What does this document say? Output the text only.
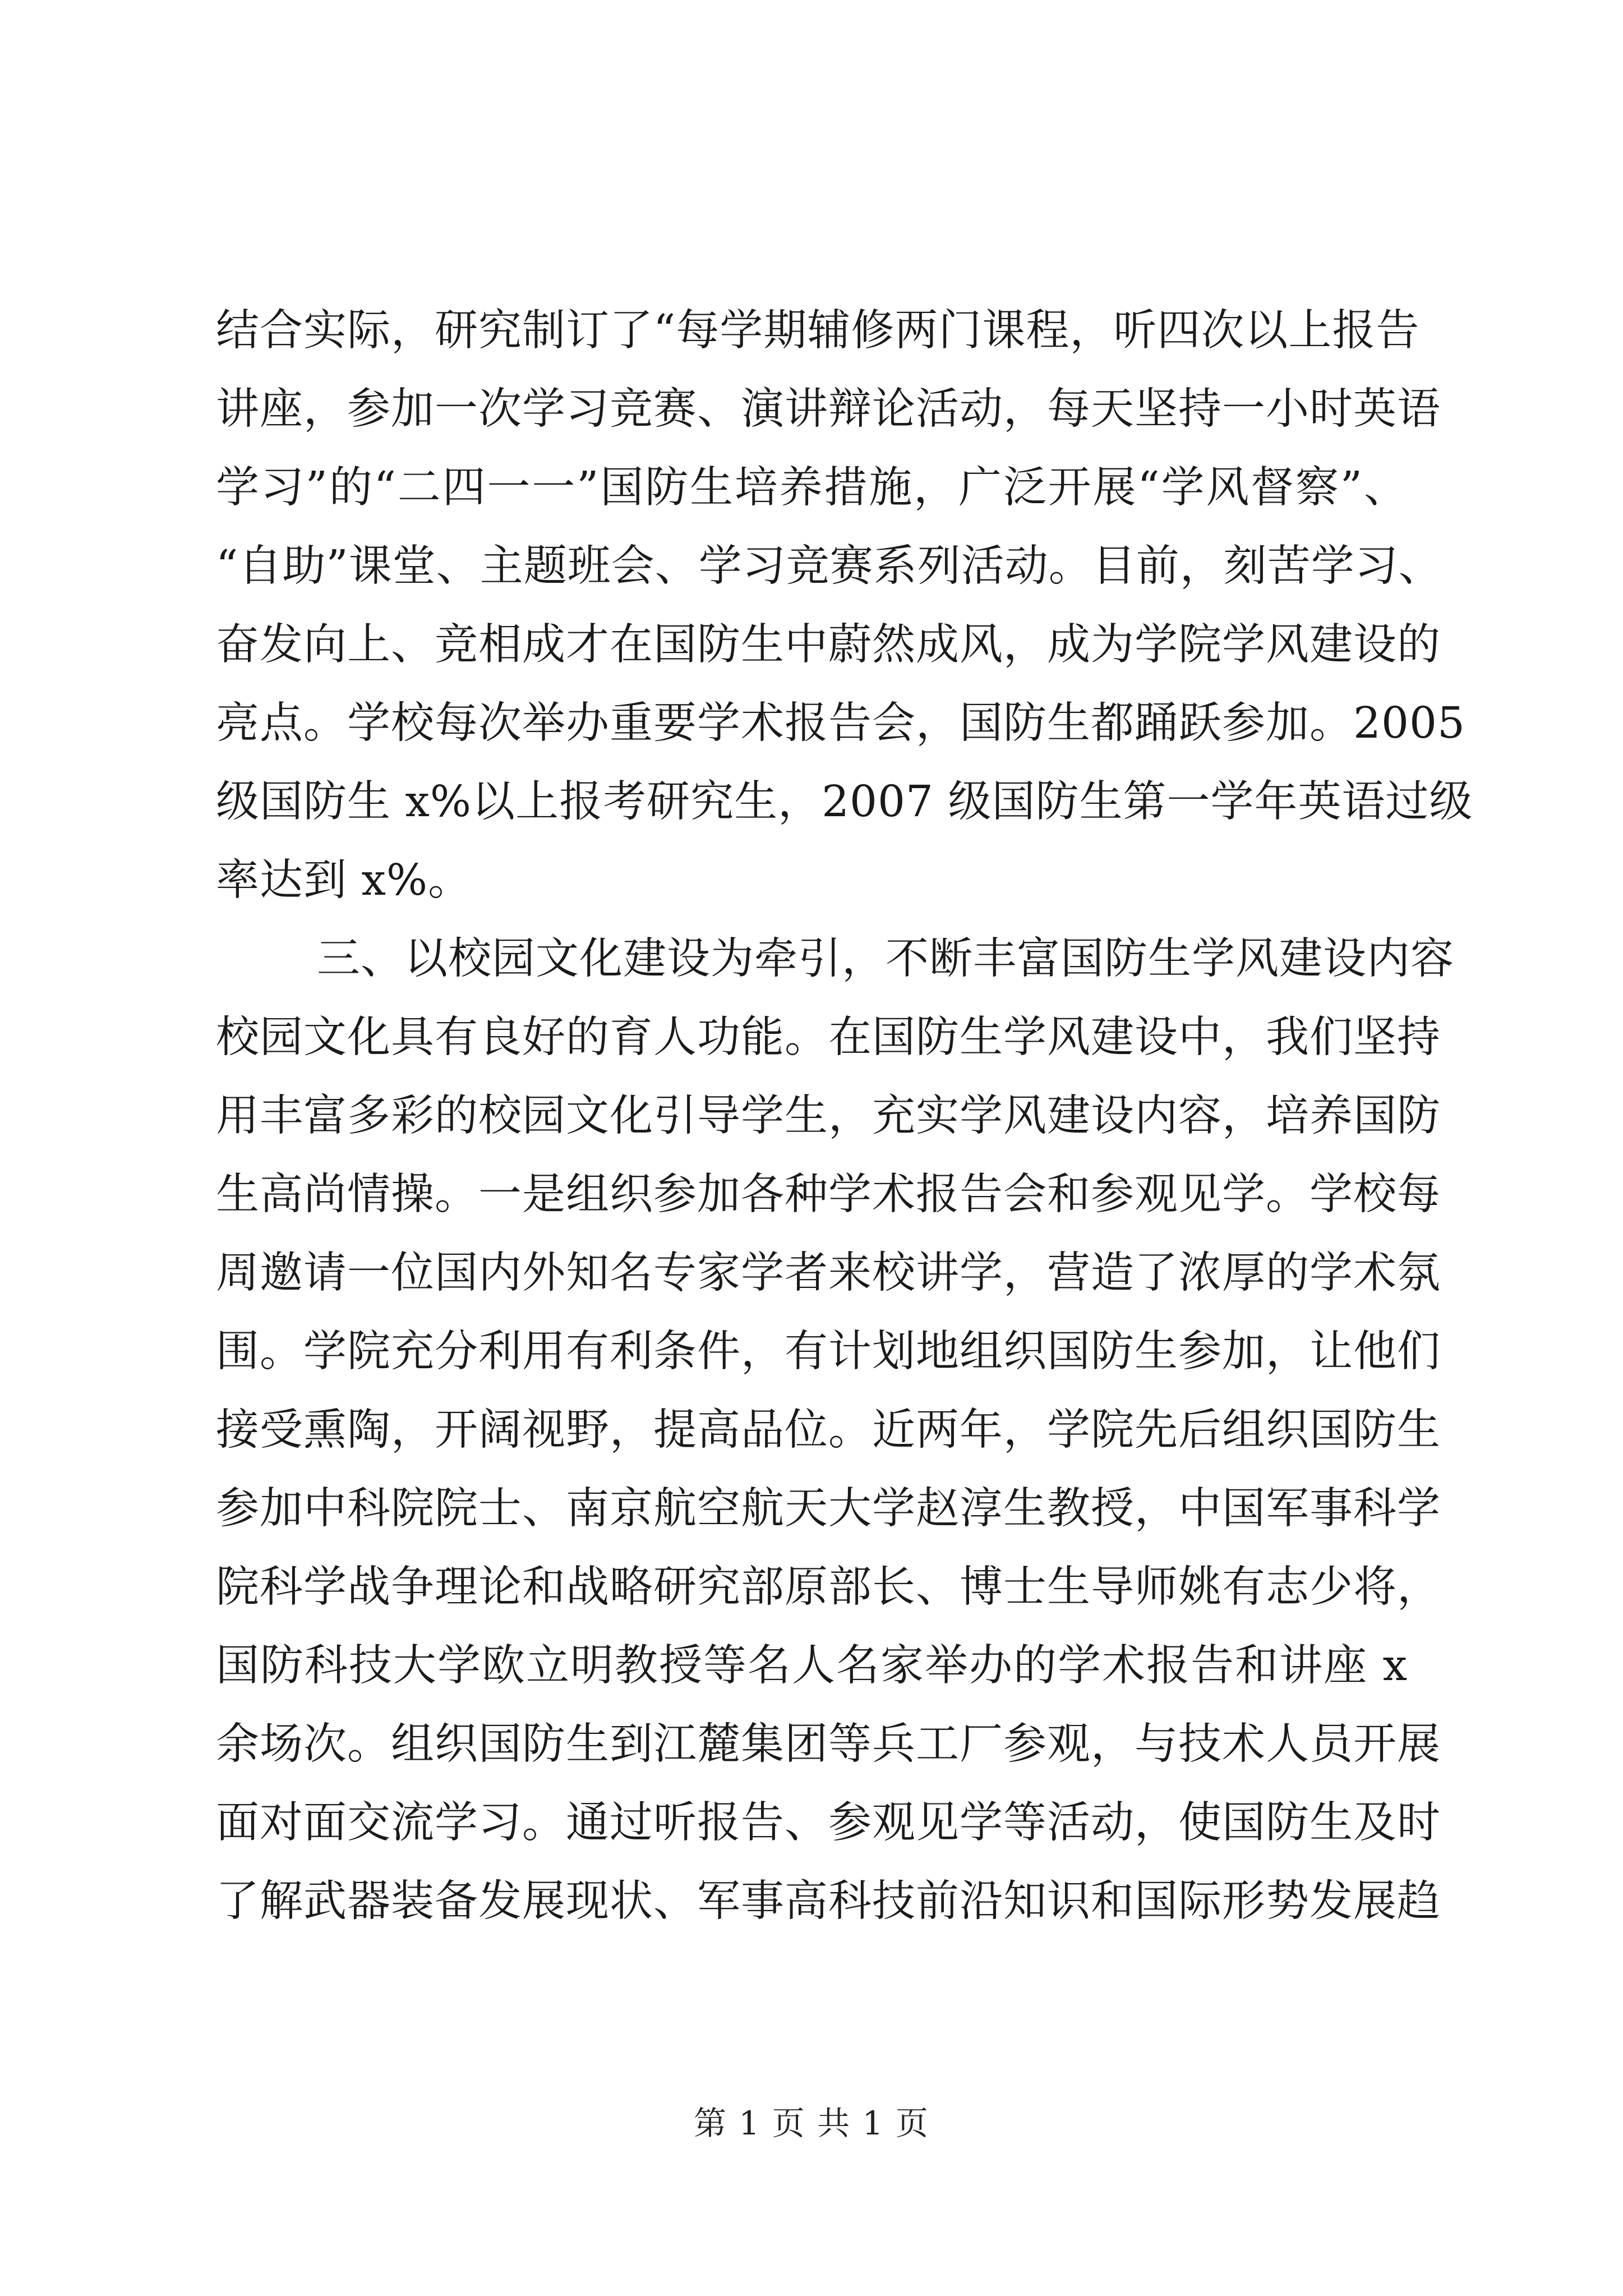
结合实际，研究制订了“每学期辅修两门课程，听四次以上报告
讲座，参加一次学习竞赛、演讲辩论活动，每天坚持一小时英语
学习”的“二四一一”国防生培养措施，广泛开展“学风督察”、
“自助”课堂、主题班会、学习竞赛系列活动。目前，刻苦学习、
奋发向上、竞相成才在国防生中蔚然成风，成为学院学风建设的
亮点。学校每次举办重要学术报告会，国防生都踊跃参加。2005
级国防生 x%以上报考研究生，2007 级国防生第一学年英语过级
率达到 x%。
三、以校园文化建设为牵引，不断丰富国防生学风建设内容
校园文化具有良好的育人功能。在国防生学风建设中，我们坚持
用丰富多彩的校园文化引导学生，充实学风建设内容，培养国防
生高尚情操。一是组织参加各种学术报告会和参观见学。学校每
周邀请一位国内外知名专家学者来校讲学，营造了浓厚的学术氛
围。学院充分利用有利条件，有计划地组织国防生参加，让他们
接受熏陶，开阔视野，提高品位。近两年，学院先后组织国防生
参加中科院院士、南京航空航天大学赵淳生教授，中国军事科学
院科学战争理论和战略研究部原部长、博士生导师姚有志少将，
国防科技大学欧立明教授等名人名家举办的学术报告和讲座 x
余场次。组织国防生到江麓集团等兵工厂参观，与技术人员开展
面对面交流学习。通过听报告、参观见学等活动，使国防生及时
了解武器装备发展现状、军事高科技前沿知识和国际形势发展趋
第 1 页 共 1 页
